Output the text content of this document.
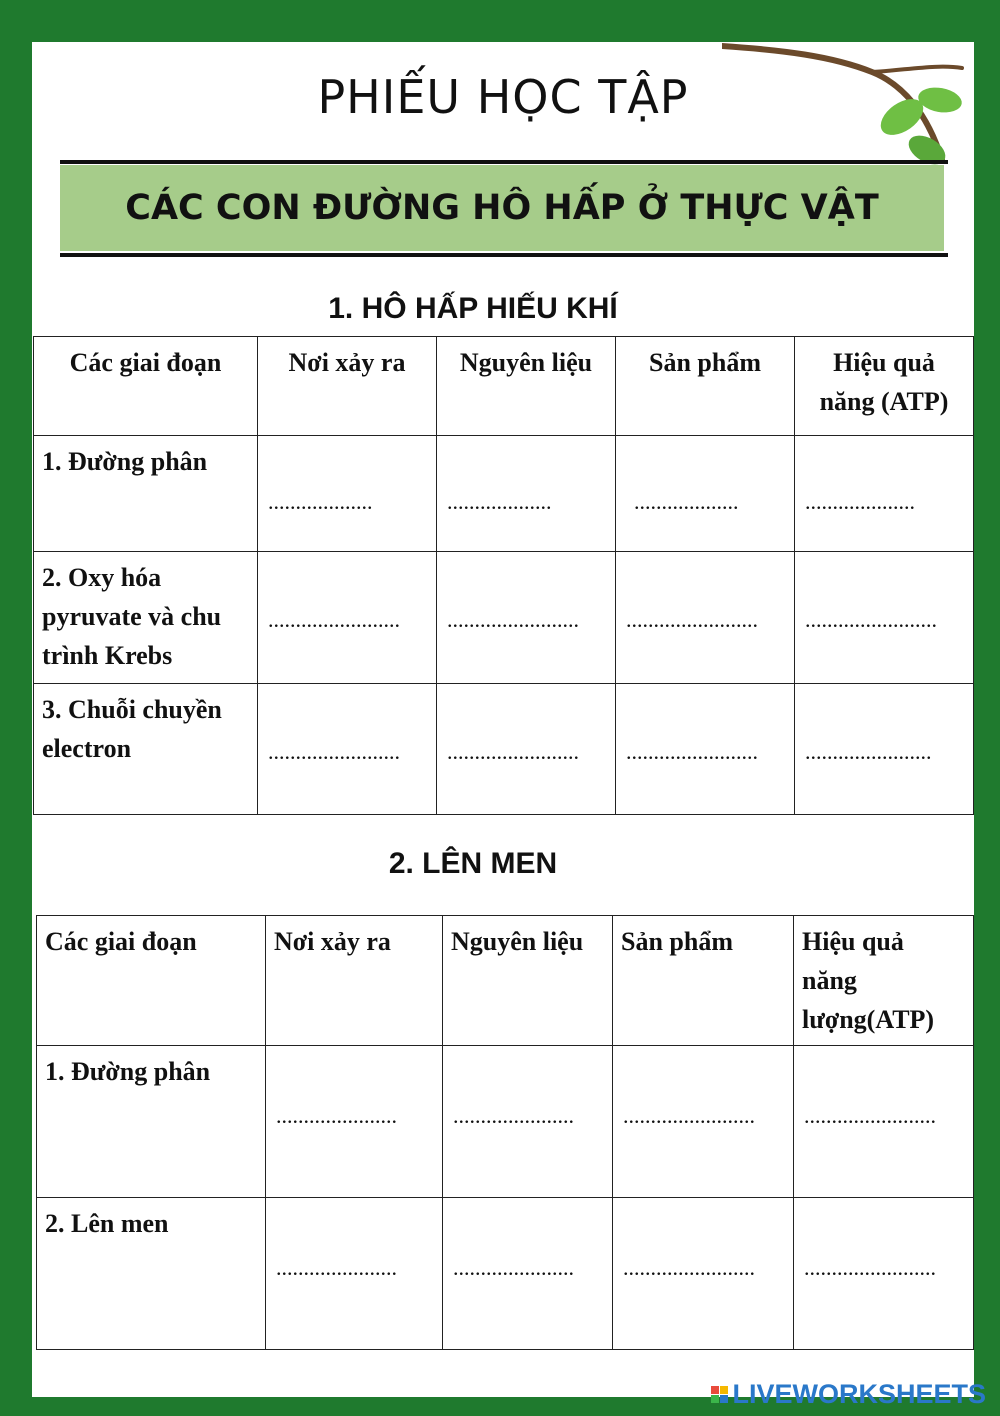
PHIẾU HỌC TẬP
CÁC CON ĐƯỜNG HÔ HẤP Ở THỰC VẬT
1. HÔ HẤP HIẾU KHÍ
Các giai đoạn	Nơi xảy ra	Nguyên liệu	Sản phẩm	Hiệu quả năng (ATP)
1. Đường phân	...................	...................	...................	....................

2. Oxy hóa pyruvate và chu trình Krebs	........................	........................	........................	........................

3. Chuỗi chuyền electron	........................	........................	........................	.......................
2. LÊN MEN
Các giai đoạn	Nơi xảy ra	Nguyên liệu	Sản phẩm	Hiệu quả năng lượng(ATP)
1. Đường phân	......................	......................	........................	........................

2. Lên men	......................	......................	........................	........................
LIVEWORKSHEETS
